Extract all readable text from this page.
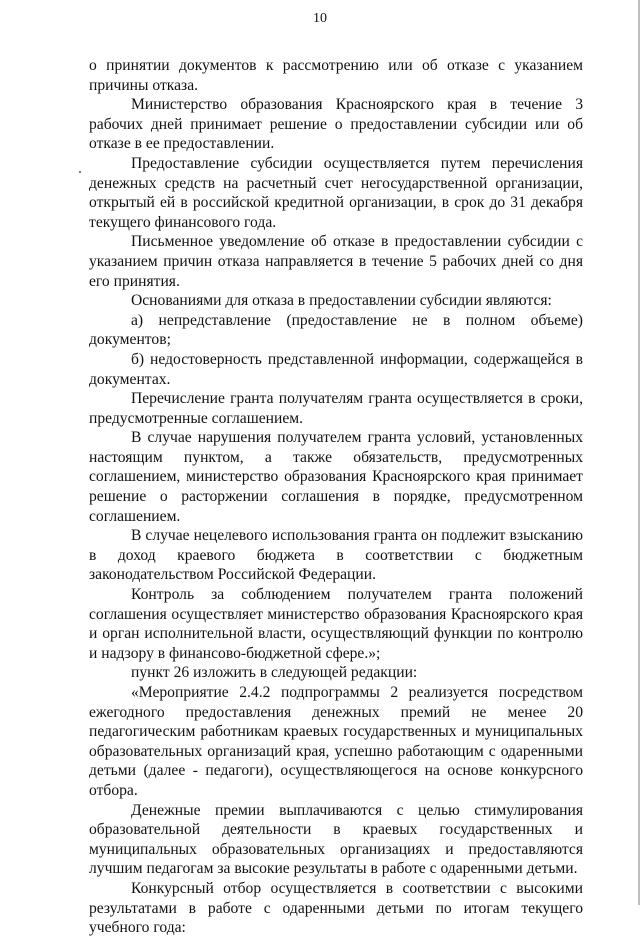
10

о принятии документов к рассмотрению или об отказе с указанием причины отказа.

Министерство образования Красноярского края в течение 3 рабочих дней принимает решение о предоставлении субсидии или об отказе в ее предоставлении.

Предоставление субсидии осуществляется путем перечисления денежных средств на расчетный счет негосударственной организации, открытый ей в российской кредитной организации, в срок до 31 декабря текущего финансового года.

Письменное уведомление об отказе в предоставлении субсидии с указанием причин отказа направляется в течение 5 рабочих дней со дня его принятия.

Основаниями для отказа в предоставлении субсидии являются:

а) непредставление (предоставление не в полном объеме) документов;

б) недостоверность представленной информации, содержащейся в документах.

Перечисление гранта получателям гранта осуществляется в сроки, предусмотренные соглашением.

В случае нарушения получателем гранта условий, установленных настоящим пунктом, а также обязательств, предусмотренных соглашением, министерство образования Красноярского края принимает решение о расторжении соглашения в порядке, предусмотренном соглашением.

В случае нецелевого использования гранта он подлежит взысканию в доход краевого бюджета в соответствии с бюджетным законодательством Российской Федерации.

Контроль за соблюдением получателем гранта положений соглашения осуществляет министерство образования Красноярского края и орган исполнительной власти, осуществляющий функции по контролю и надзору в финансово-бюджетной сфере.»;

пункт 26 изложить в следующей редакции:

«Мероприятие 2.4.2 подпрограммы 2 реализуется посредством ежегодного предоставления денежных премий не менее 20 педагогическим работникам краевых государственных и муниципальных образовательных организаций края, успешно работающим с одаренными детьми (далее - педагоги), осуществляющегося на основе конкурсного отбора.

Денежные премии выплачиваются с целью стимулирования образовательной деятельности в краевых государственных и муниципальных образовательных организациях и предоставляются лучшим педагогам за высокие результаты в работе с одаренными детьми.

Конкурсный отбор осуществляется в соответствии с высокими результатами в работе с одаренными детьми по итогам текущего учебного года:
